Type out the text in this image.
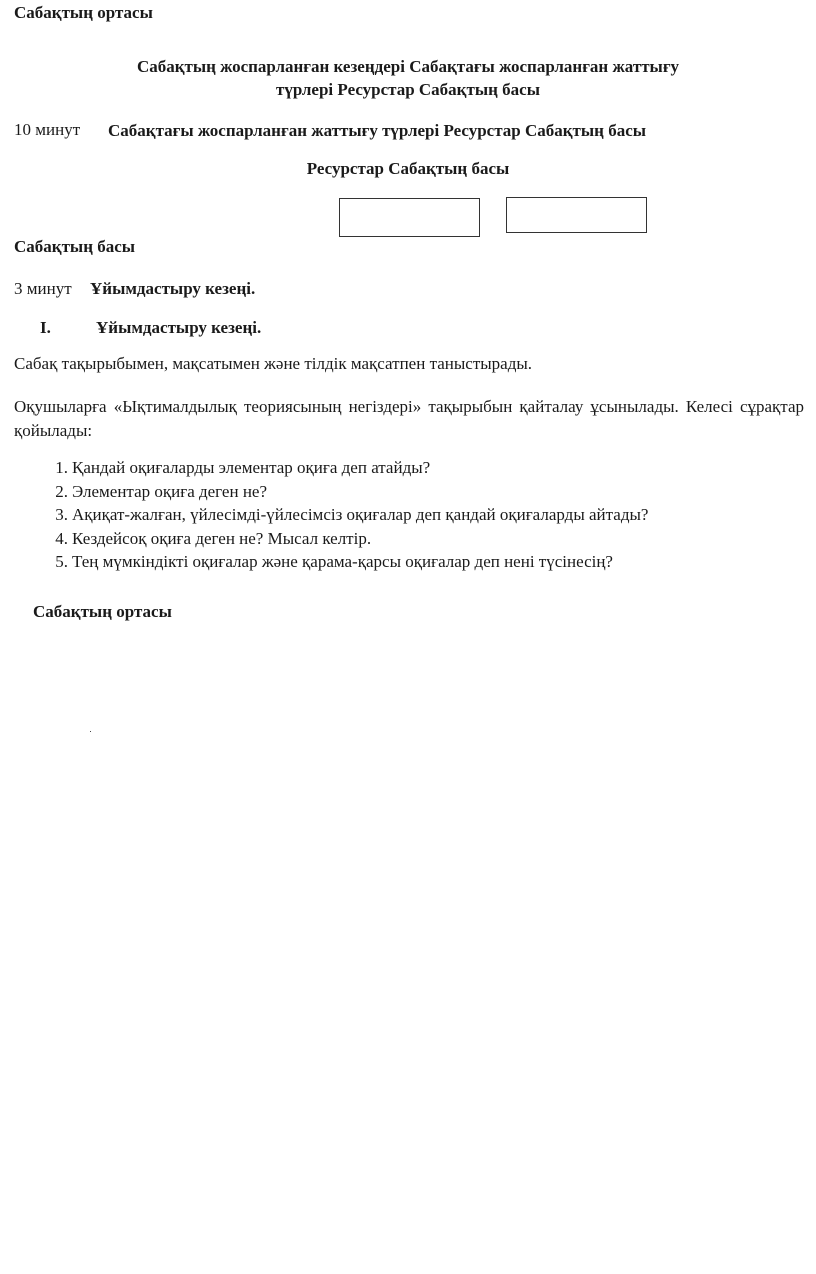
Сабақтың ортасы
Сабақтың жоспарланған кезеңдері Сабақтағы жоспарланған жаттығу
түрлері Ресурстар Сабақтың басы
10 минут Сабақтағы жоспарланған жаттығу түрлері Ресурстар Сабақтың басы
Ресурстар Сабақтың басы
Сабақтың басы
3 минут Ұйымдастыру кезеңі.
I.	Ұйымдастыру кезеңі.
Сабақ тақырыбымен, мақсатымен және тілдік мақсатпен таныстырады.
Оқушыларға «Ықтималдылық теориясының негіздері» тақырыбын қайталау ұсынылады. Келесі сұрақтар қойылады:
1. Қандай оқиғаларды элементар оқиға деп атайды?
2. Элементар оқиға деген не?
3. Ақиқат-жалған, үйлесімді-үйлесімсіз оқиғалар деп қандай оқиғаларды айтады?
4. Кездейсоқ оқиға деген не? Мысал келтір.
5. Тең мүмкіндікті оқиғалар және қарама-қарсы оқиғалар деп нені түсінесің?
Сабақтың ортасы
